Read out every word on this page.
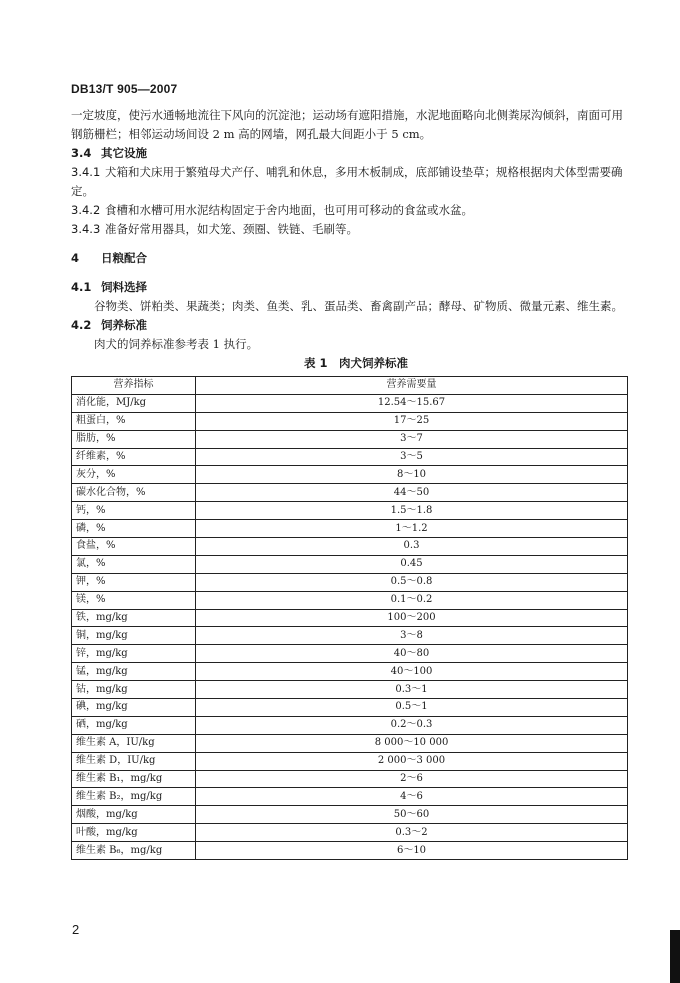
DB13/T 905—2007

一定坡度，使污水通畅地流往下风向的沉淀池；运动场有遮阳措施，水泥地面略向北侧粪尿沟倾斜，南面可用钢筋栅栏；相邻运动场间设 2 m 高的网墙，网孔最大间距小于 5 cm。

3.4 其它设施

3.4.1 犬箱和犬床用于繁殖母犬产仔、哺乳和休息，多用木板制成，底部铺设垫草；规格根据肉犬体型需要确定。

3.4.2 食槽和水槽可用水泥结构固定于舍内地面，也可用可移动的食盆或水盆。

3.4.3 准备好常用器具，如犬笼、颈圈、铁链、毛刷等。

4 日粮配合

4.1 饲料选择

谷物类、饼粕类、果蔬类；肉类、鱼类、乳、蛋品类、畜禽副产品；酵母、矿物质、微量元素、维生素。

4.2 饲养标准

肉犬的饲养标准参考表 1 执行。

表 1　肉犬饲养标准

营养指标	营养需要量
消化能，MJ/kg	12.54～15.67
粗蛋白，%	17～25
脂肪，%	3～7
纤维素，%	3～5
灰分，%	8～10
碳水化合物，%	44～50
钙，%	1.5～1.8
磷，%	1～1.2
食盐，%	0.3
氯，%	0.45
钾，%	0.5～0.8
镁，%	0.1～0.2
铁，mg/kg	100～200
铜，mg/kg	3～8
锌，mg/kg	40～80
锰，mg/kg	40～100
钴，mg/kg	0.3～1
碘，mg/kg	0.5～1
硒，mg/kg	0.2～0.3
维生素 A，IU/kg	8 000～10 000
维生素 D，IU/kg	2 000～3 000
维生素 B₁，mg/kg	2～6
维生素 B₂，mg/kg	4～6
烟酸，mg/kg	50～60
叶酸，mg/kg	0.3～2
维生素 B₆，mg/kg	6～10
2
